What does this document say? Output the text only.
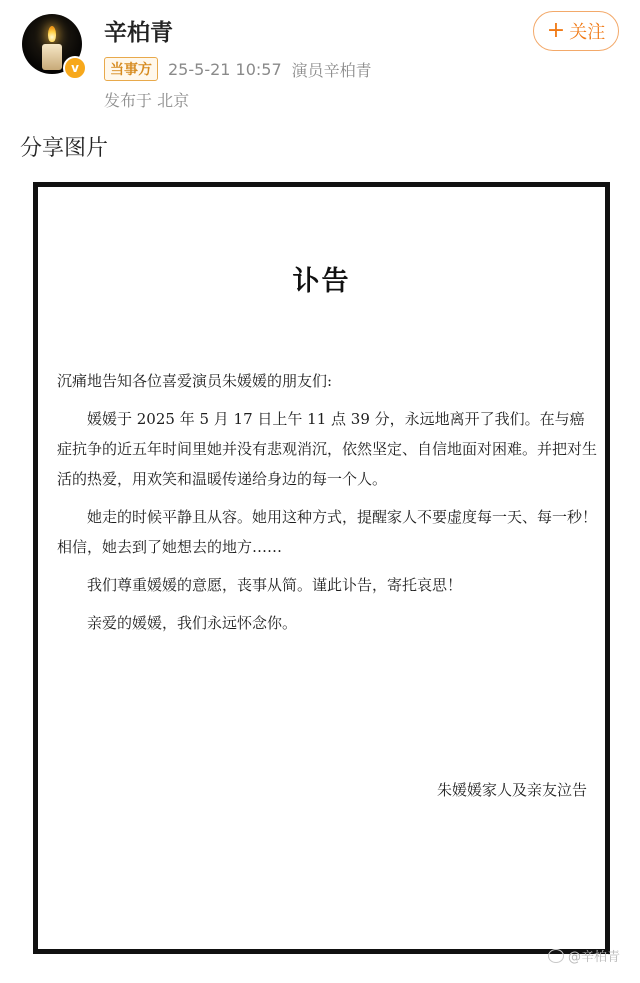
v
辛柏青
当事方	25-5-21 10:57 演员辛柏青
发布于 北京
+ 关注
分享图片
讣告

沉痛地告知各位喜爱演员朱媛媛的朋友们:

媛媛于 2025 年 5 月 17 日上午 11 点 39 分，永远地离开了我们。在与癌症抗争的近五年时间里她并没有悲观消沉，依然坚定、自信地面对困难。并把对生活的热爱，用欢笑和温暖传递给身边的每一个人。

她走的时候平静且从容。她用这种方式，提醒家人不要虚度每一天、每一秒！相信，她去到了她想去的地方……

我们尊重媛媛的意愿，丧事从简。谨此讣告，寄托哀思！

亲爱的媛媛，我们永远怀念你。

朱媛媛家人及亲友泣告
@辛柏青
